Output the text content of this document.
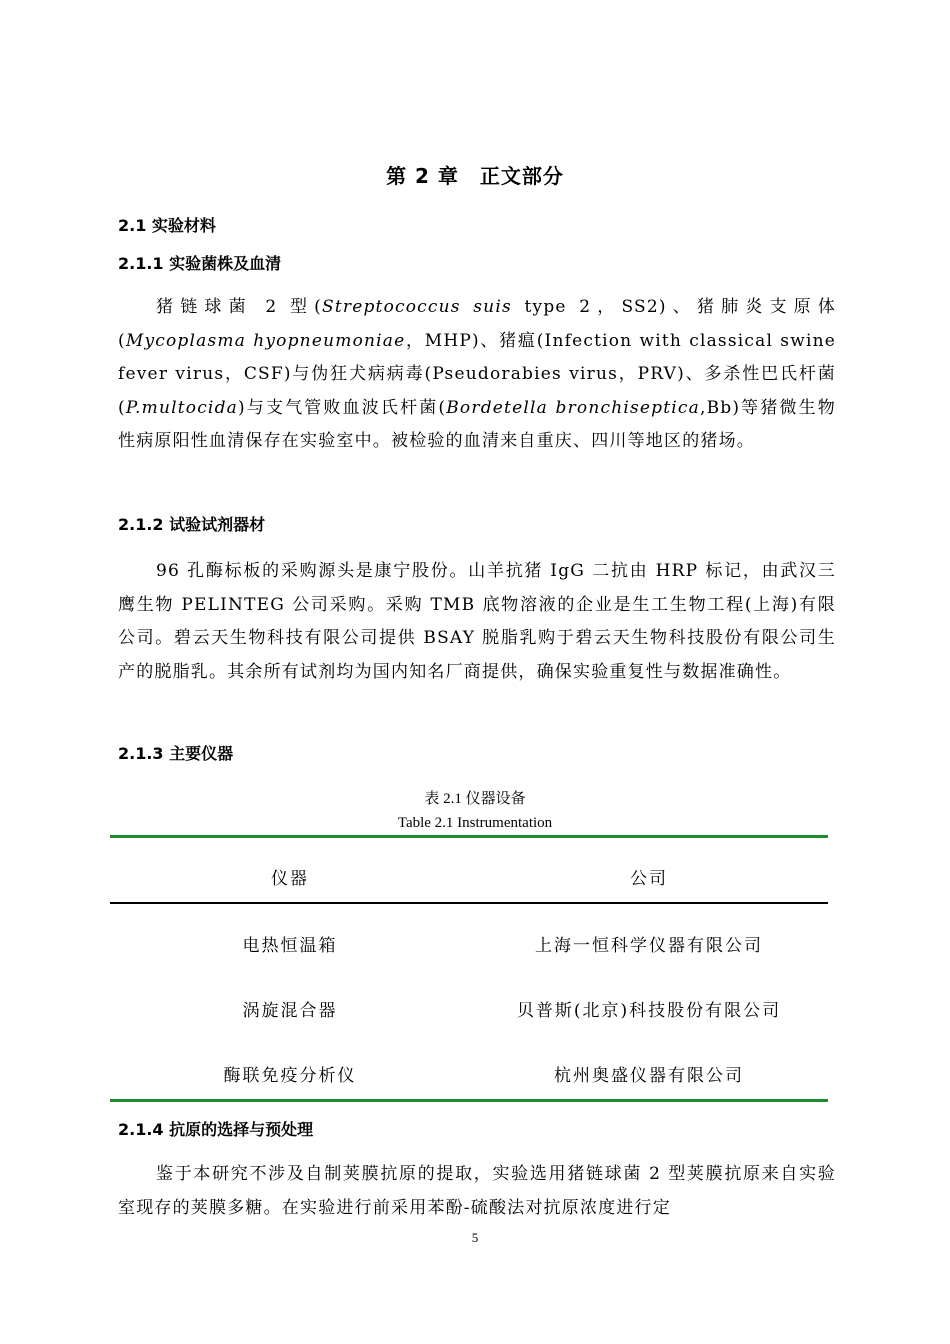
第 2 章　正文部分
2.1 实验材料
2.1.1 实验菌株及血清

猪链球菌 2 型(Streptococcus suis type 2，SS2)、猪肺炎支原体(Mycoplasma hyopneumoniae，MHP)、猪瘟(Infection with classical swine fever virus，CSF)与伪狂犬病病毒(Pseudorabies virus，PRV)、多杀性巴氏杆菌(P.multocida)与支气管败血波氏杆菌(Bordetella bronchiseptica,Bb)等猪微生物性病原阳性血清保存在实验室中。被检验的血清来自重庆、四川等地区的猪场。

2.1.2 试验试剂器材

96 孔酶标板的采购源头是康宁股份。山羊抗猪 IgG 二抗由 HRP 标记，由武汉三鹰生物 PELINTEG 公司采购。采购 TMB 底物溶液的企业是生工生物工程(上海)有限公司。碧云天生物科技有限公司提供 BSAY 脱脂乳购于碧云天生物科技股份有限公司生产的脱脂乳。其余所有试剂均为国内知名厂商提供，确保实验重复性与数据准确性。

2.1.3 主要仪器
表 2.1 仪器设备
Table 2.1 Instrumentation
仪器	公司
电热恒温箱	上海一恒科学仪器有限公司
涡旋混合器	贝普斯(北京)科技股份有限公司
酶联免疫分析仪	杭州奥盛仪器有限公司
2.1.4 抗原的选择与预处理

鉴于本研究不涉及自制荚膜抗原的提取，实验选用猪链球菌 2 型荚膜抗原来自实验室现存的荚膜多糖。在实验进行前采用苯酚-硫酸法对抗原浓度进行定

5
